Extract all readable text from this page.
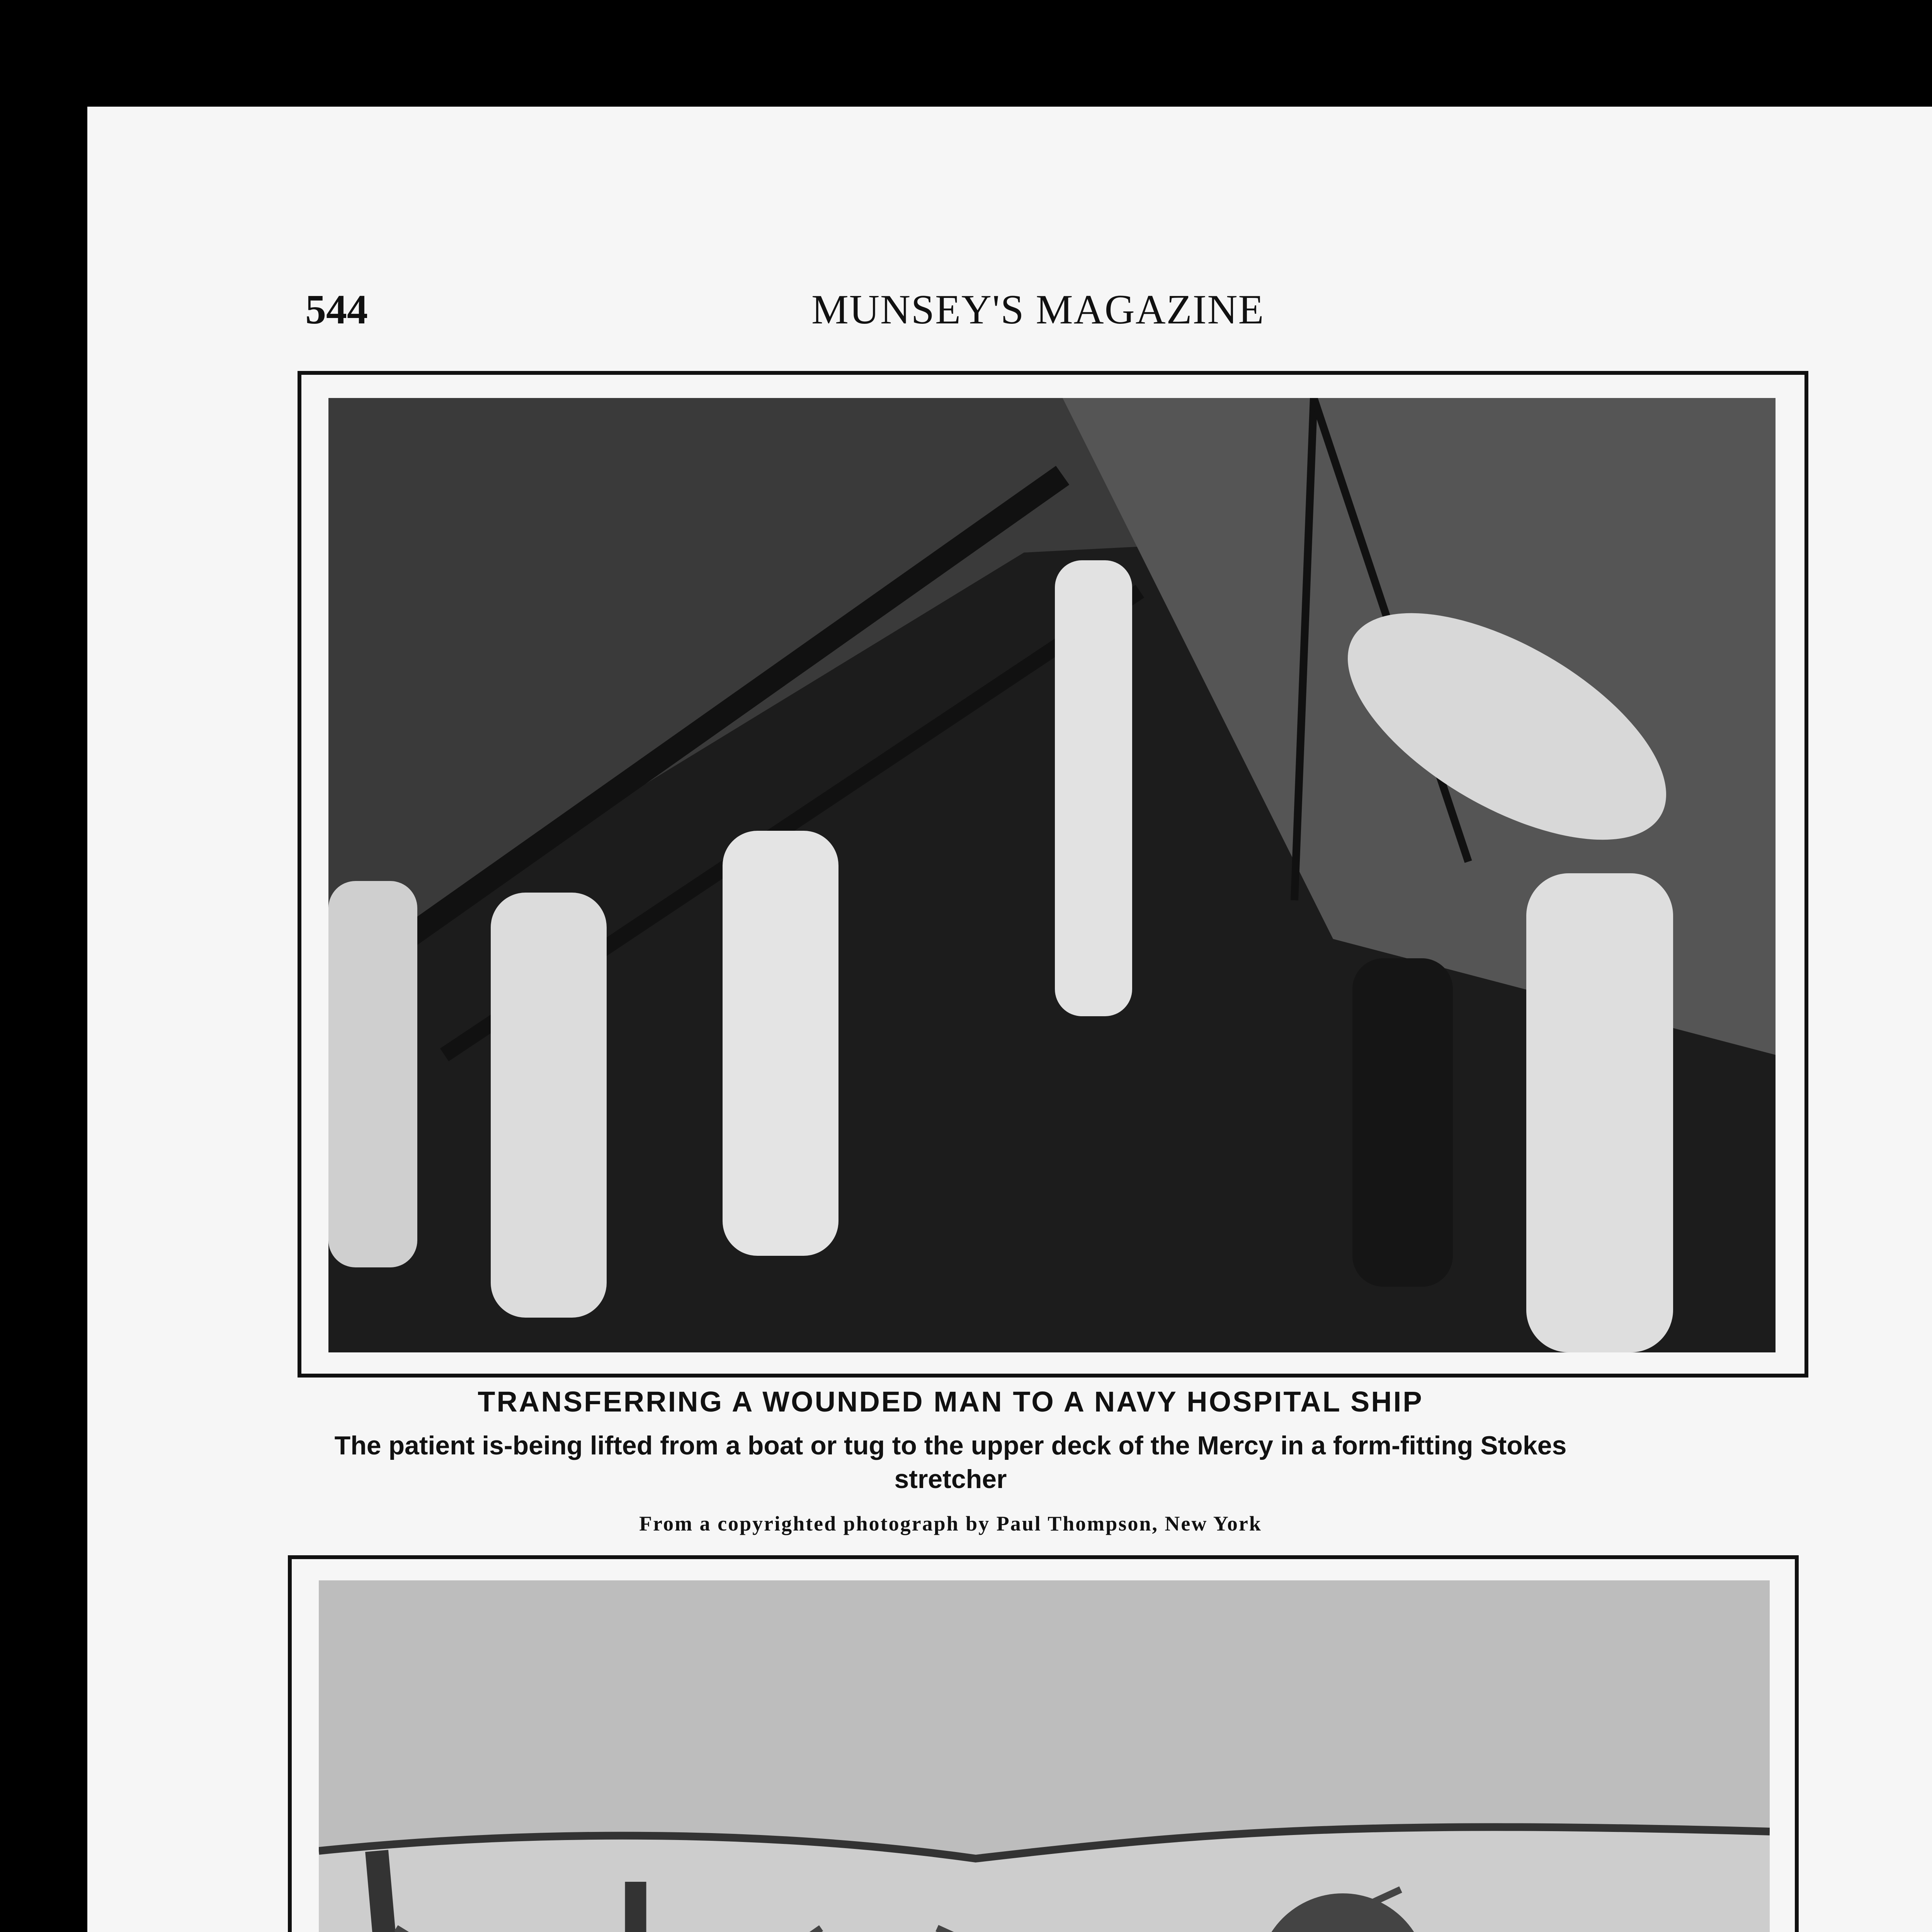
544	MUNSEY'S MAGAZINE
TRANSFERRING A WOUNDED MAN TO A NAVY HOSPITAL SHIP
The patient is-being lifted from a boat or tug to the upper deck of the Mercy in a form-fitting Stokes stretcher
From a copyrighted photograph by Paul Thompson, New York
